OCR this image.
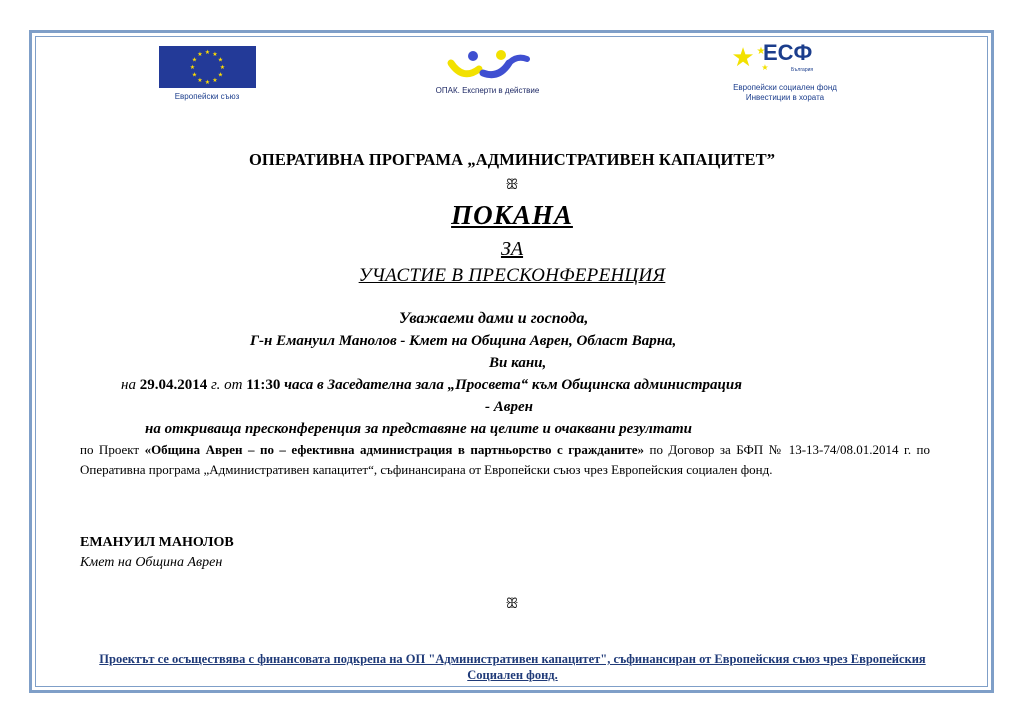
★ ★
★
★
★
★
★
★
★
★
★
★
Европейски съюз
ОПАК. Експерти в действие
★ ★
★
ЕСФ
България
Европейски социален фонд
Инвестиции в хората
ОПЕРАТИВНА ПРОГРАМА „АДМИНИСТРАТИВЕН КАПАЦИТЕТ”
ꕥ
ПОКАНА
ЗА
УЧАСТИЕ В ПРЕСКОНФЕРЕНЦИЯ
Уважаеми дами и господа,
Г-н Емануил Манолов - Кмет на Община Аврен, Област Варна,
Ви кани,
на 29.04.2014 г. от 11:30 часа в Заседателна зала „Просвета“ към Общинска администрация
- Аврен
на откриваща пресконференция за представяне на целите и очаквани резултати
по Проект «Община Аврен – по – ефективна администрация в партньорство с гражданите» по Договор за БФП № 13-13-74/08.01.2014 г. по Оперативна програма „Административен капацитет“, съфинансирана от Европейски съюз чрез Европейския социален фонд.
ЕМАНУИЛ МАНОЛОВ
Кмет на Община Аврен
ꕥ
Проектът се осъществява с финансовата подкрепа на ОП "Административен капацитет", съфинансиран от Европейския съюз чрез Европейския Социален фонд.
